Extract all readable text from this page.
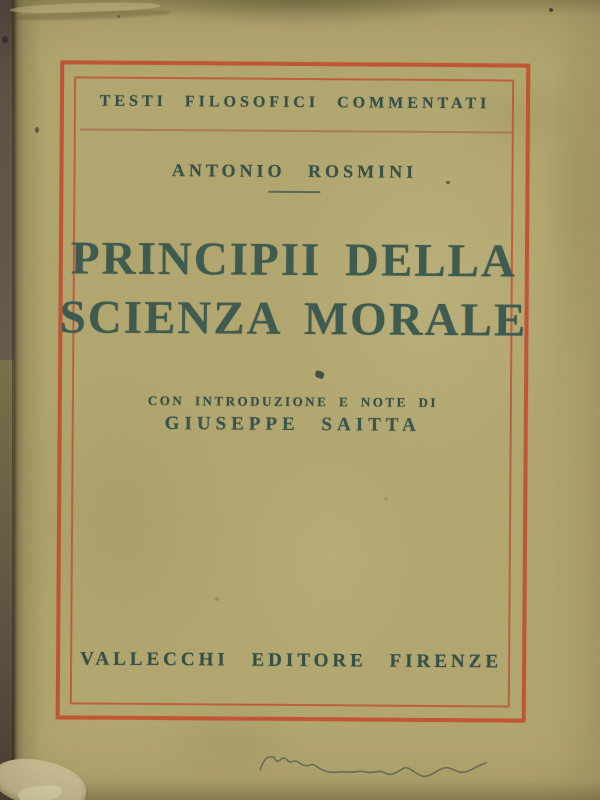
TESTI FILOSOFICI COMMENTATI
ANTONIO ROSMINI
PRINCIPII DELLA
SCIENZA MORALE
CON INTRODUZIONE E NOTE DI
GIUSEPPE SAITTA
VALLECCHI EDITORE FIRENZE
